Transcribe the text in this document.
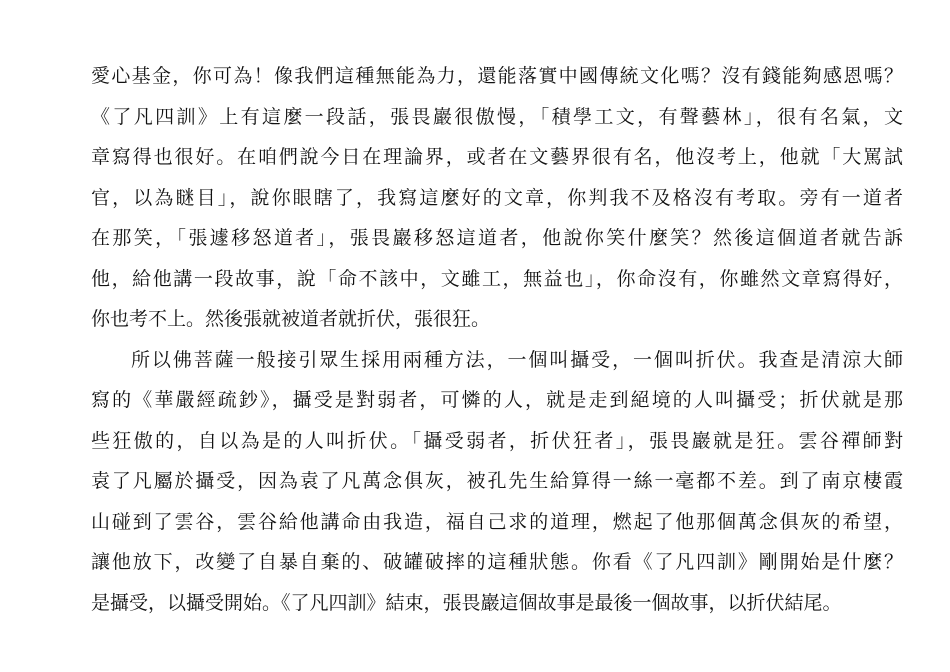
愛心基金，你可為！像我們這種無能為力，還能落實中國傳統文化嗎？沒有錢能夠感恩嗎？
《了凡四訓》上有這麼一段話，張畏巖很傲慢，「積學工文，有聲藝林」，很有名氣，文
章寫得也很好。在咱們說今日在理論界，或者在文藝界很有名，他沒考上，他就「大罵試
官，以為瞇目」，說你眼瞎了，我寫這麼好的文章，你判我不及格沒有考取。旁有一道者
在那笑，「張遽移怒道者」，張畏巖移怒這道者，他說你笑什麼笑？然後這個道者就告訴
他，給他講一段故事，說「命不該中，文雖工，無益也」，你命沒有，你雖然文章寫得好，
你也考不上。然後張就被道者就折伏，張很狂。
所以佛菩薩一般接引眾生採用兩種方法，一個叫攝受，一個叫折伏。我查是清涼大師
寫的《華嚴經疏鈔》，攝受是對弱者，可憐的人，就是走到絕境的人叫攝受；折伏就是那
些狂傲的，自以為是的人叫折伏。「攝受弱者，折伏狂者」，張畏巖就是狂。雲谷禪師對
袁了凡屬於攝受，因為袁了凡萬念俱灰，被孔先生給算得一絲一毫都不差。到了南京棲霞
山碰到了雲谷，雲谷給他講命由我造，福自己求的道理，燃起了他那個萬念俱灰的希望，
讓他放下，改變了自暴自棄的、破罐破摔的這種狀態。你看《了凡四訓》剛開始是什麼？
是攝受，以攝受開始。《了凡四訓》結束，張畏巖這個故事是最後一個故事，以折伏結尾。
